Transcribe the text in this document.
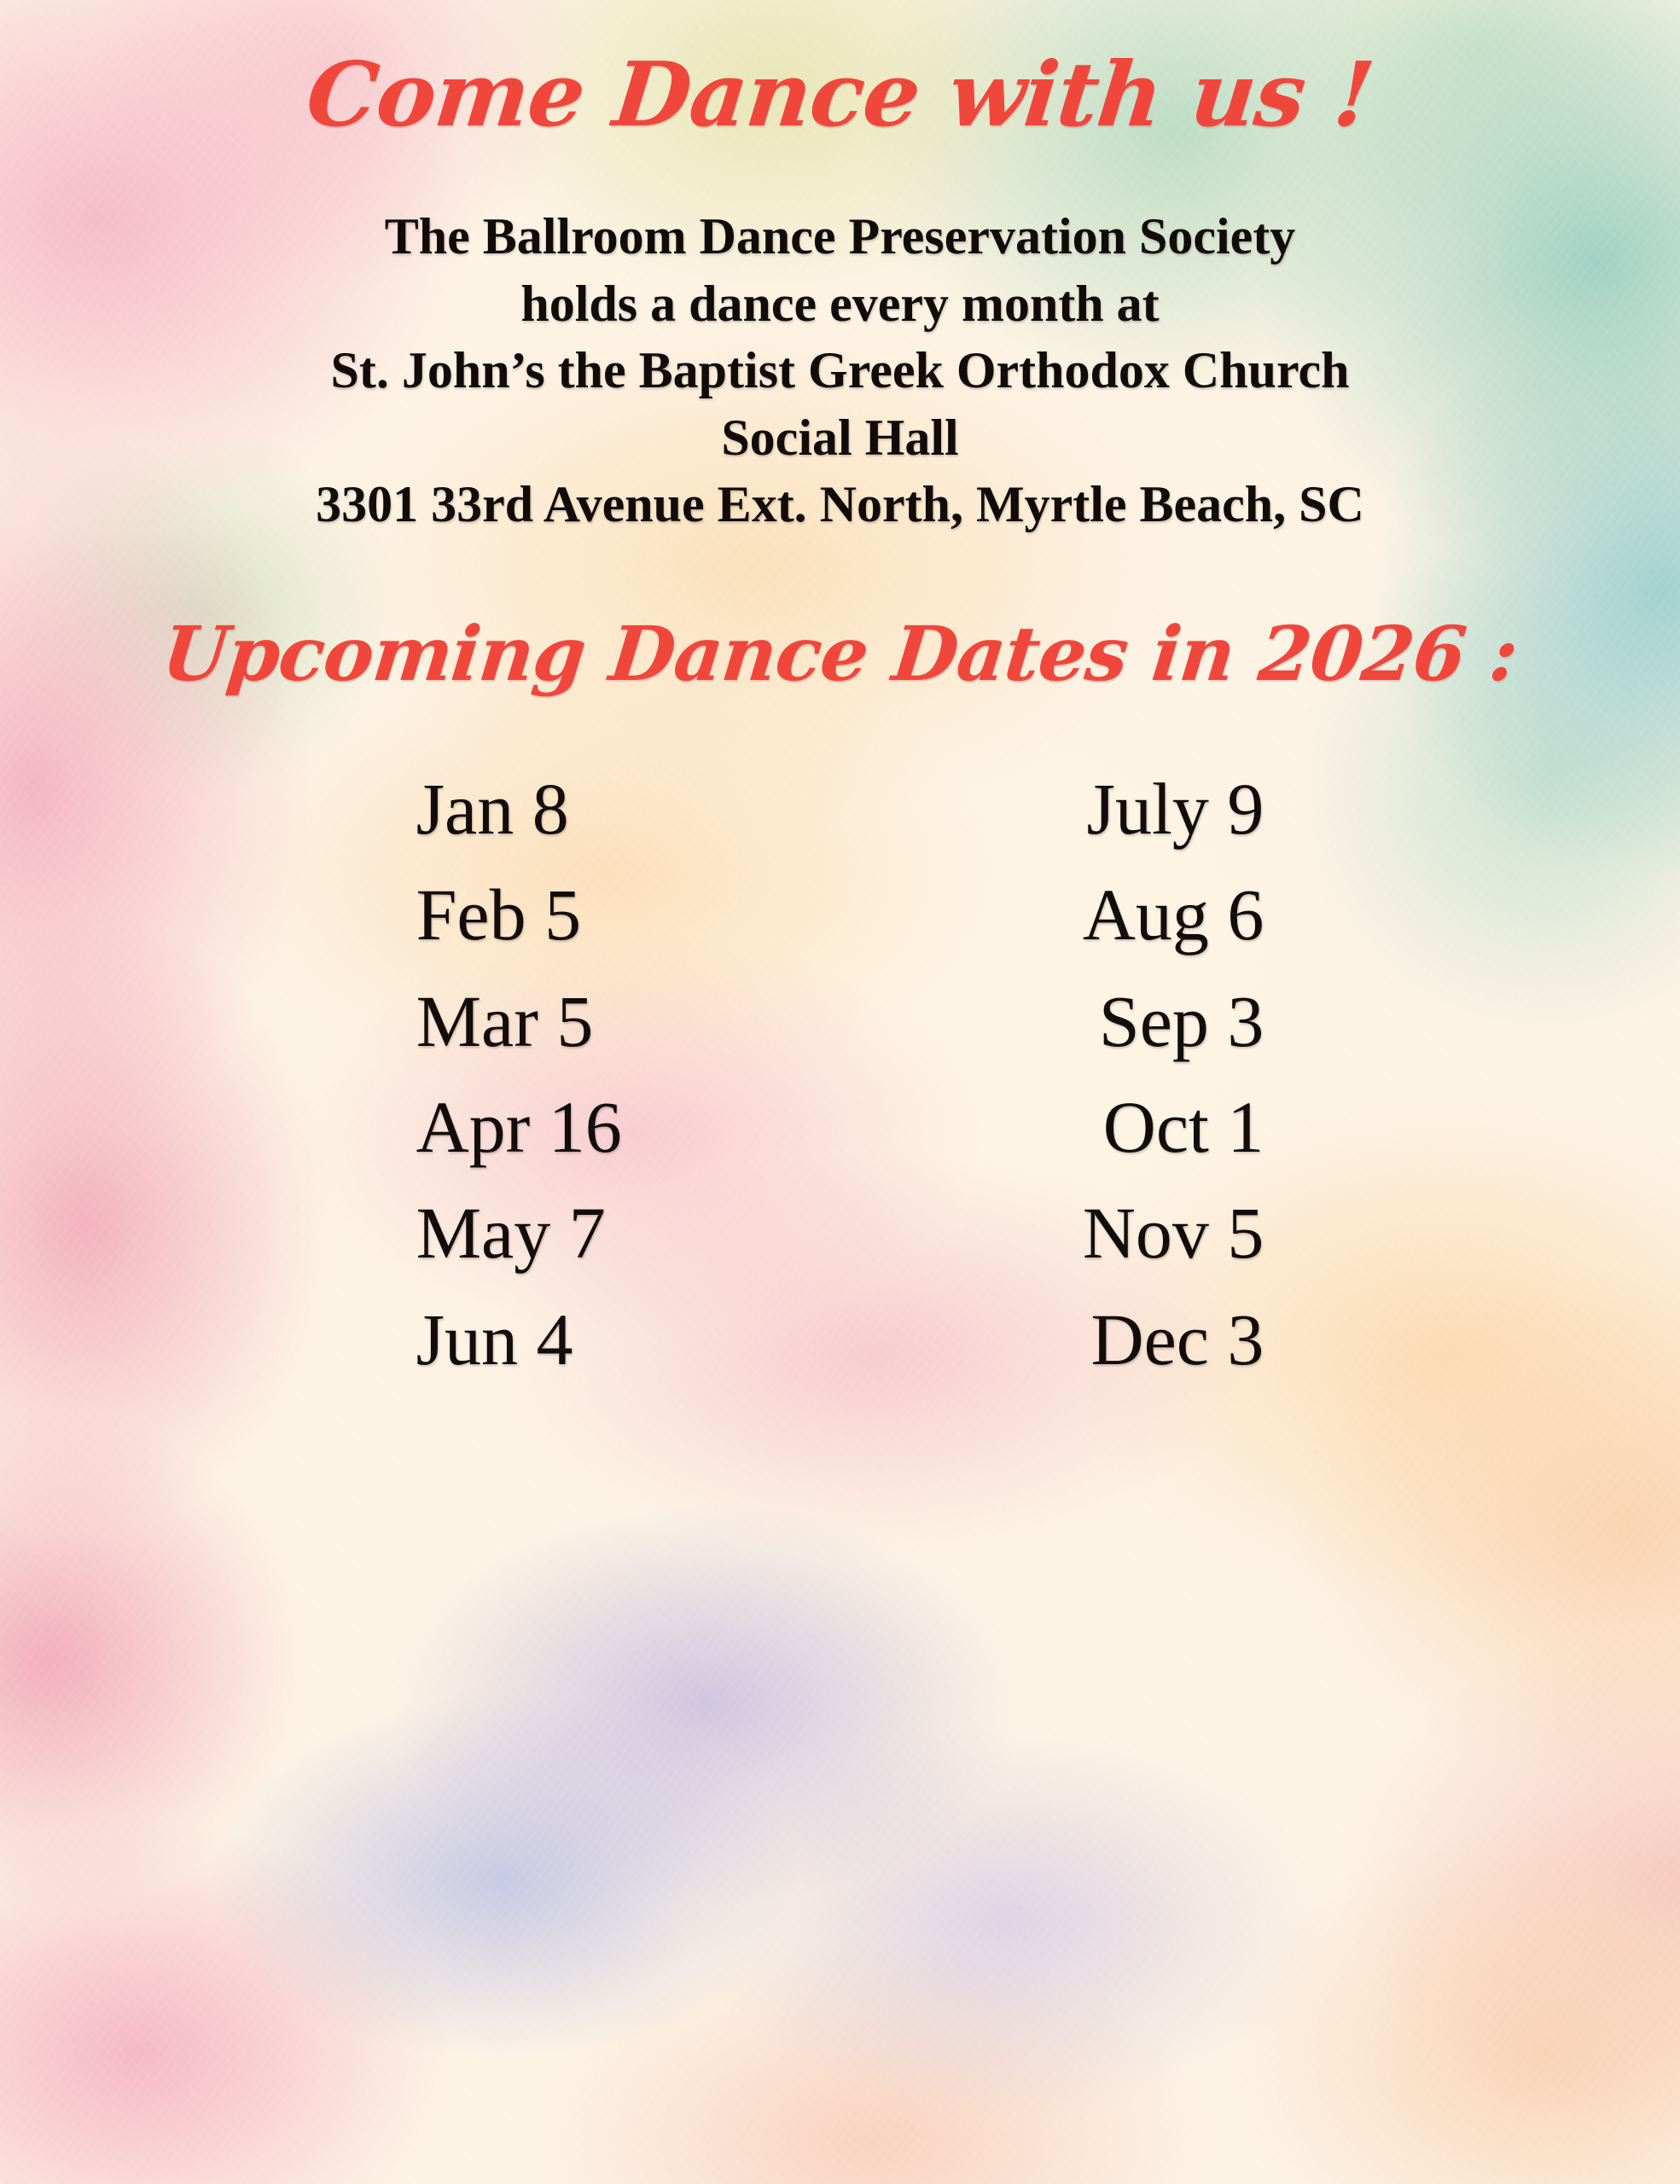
Come Dance with us !
The Ballroom Dance Preservation Society
holds a dance every month at
St. John’s the Baptist Greek Orthodox Church
Social Hall
3301 33rd Avenue Ext. North, Myrtle Beach, SC
Upcoming Dance Dates in 2026 :
Jan 8
Feb 5
Mar 5
Apr 16
May 7
Jun 4
July 9
Aug 6
Sep 3
Oct 1
Nov 5
Dec 3
